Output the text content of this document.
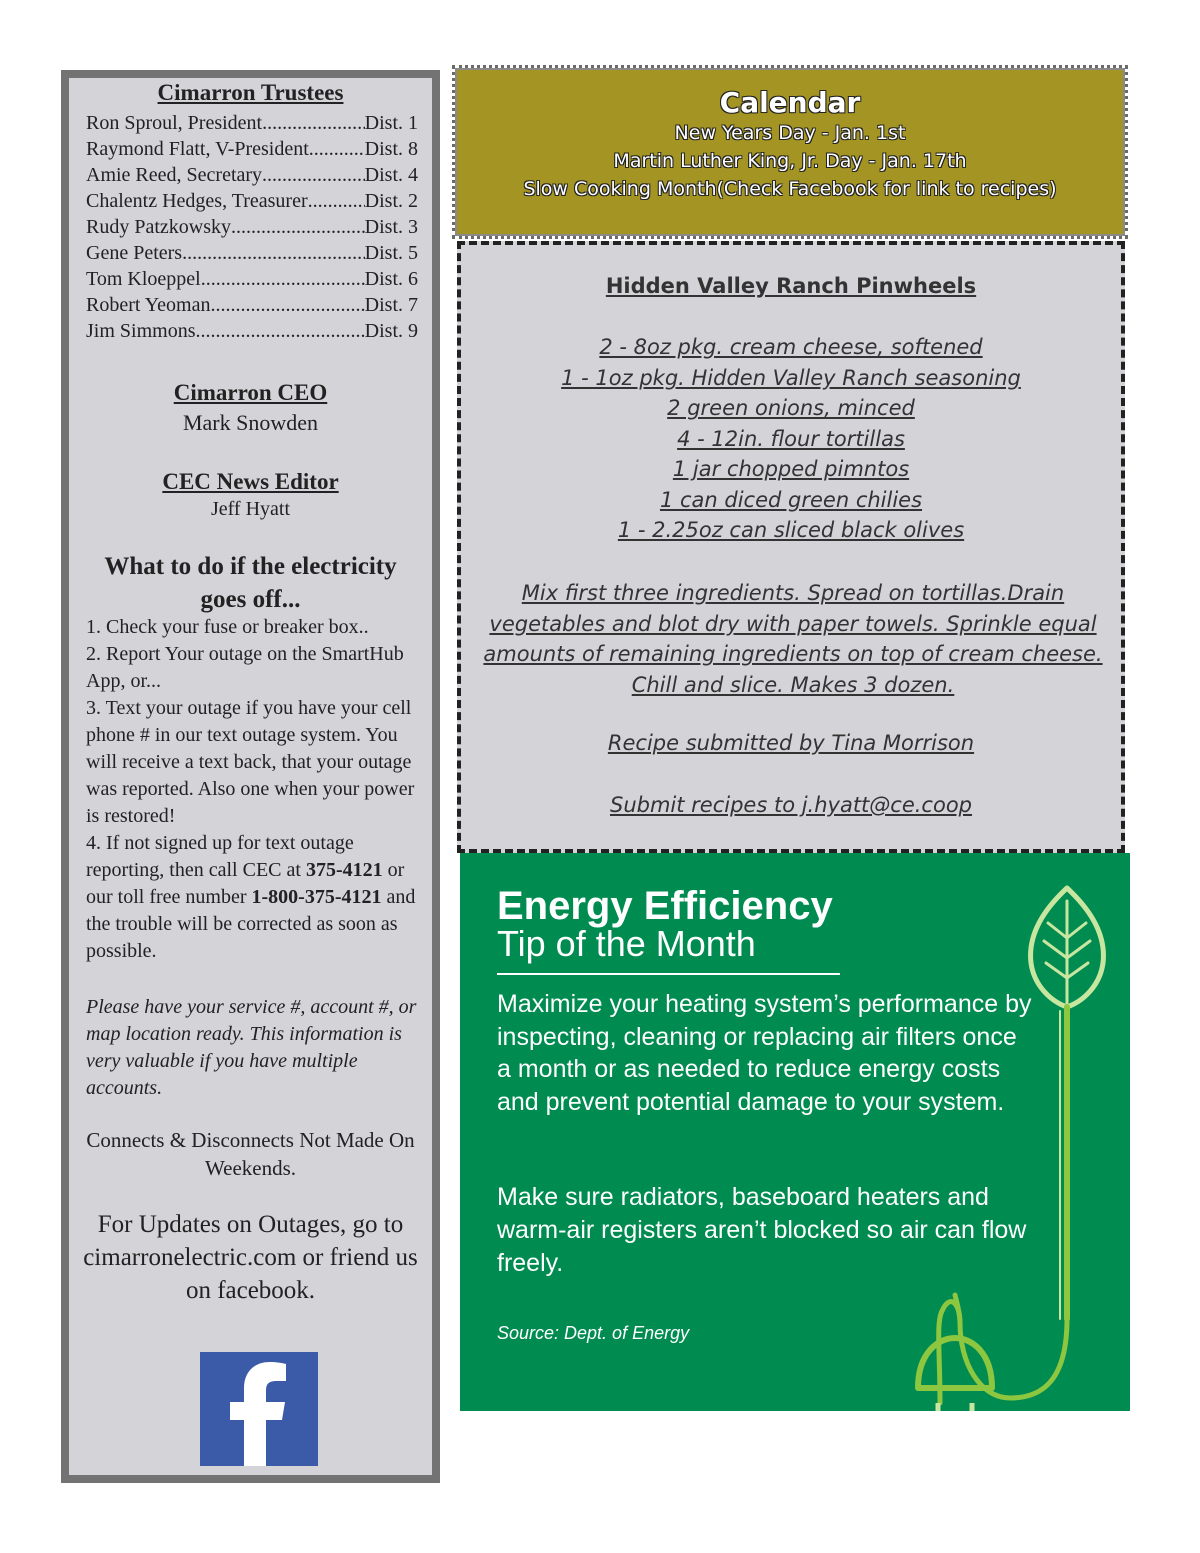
Cimarron Trustees
Ron Sproul, President .....	Dist. 1
Raymond Flatt, V-President .....	Dist. 8
Amie Reed, Secretary .....	Dist. 4
Chalentz Hedges, Treasurer .....	Dist. 2
Rudy Patzkowsky .....	Dist. 3
Gene Peters .....	Dist. 5
Tom Kloeppel .....	Dist. 6
Robert Yeoman .....	Dist. 7
Jim Simmons .....	Dist. 9
Cimarron CEO
Mark Snowden
CEC News Editor
Jeff Hyatt
What to do if the electricity goes off...

1. Check your fuse or breaker box..

2. Report Your outage on the SmartHub App, or...

3. Text your outage if you have your cell phone # in our text outage system. You will receive a text back, that your outage was reported. Also one when your power is restored!

4. If not signed up for text outage reporting, then call CEC at 375-4121 or our toll free number 1-800-375-4121 and the trouble will be corrected as soon as possible.

Please have your service #, account #, or map location ready. This information is very valuable if you have multiple accounts.
Connects & Disconnects Not Made On Weekends.
For Updates on Outages, go to cimarronelectric.com or friend us on facebook.
Calendar
New Years Day - Jan. 1st
Martin Luther King, Jr. Day - Jan. 17th
Slow Cooking Month(Check Facebook for link to recipes)
Hidden Valley Ranch Pinwheels
2 - 8oz pkg. cream cheese, softened
1 - 1oz pkg. Hidden Valley Ranch seasoning
2 green onions, minced
4 - 12in. flour tortillas
1 jar chopped pimntos
1 can diced green chilies
1 - 2.25oz can sliced black olives
Mix first three ingredients. Spread on tortillas.Drain vegetables and blot dry with paper towels. Sprinkle equal amounts of remaining ingredients on top of cream cheese. Chill and slice. Makes 3 dozen.
Recipe submitted by Tina Morrison
Submit recipes to j.hyatt@ce.coop
Energy Efficiency
Tip of the Month
Maximize your heating system’s performance by inspecting, cleaning or replacing air filters once a month or as needed to reduce energy costs and prevent potential damage to your system.
Make sure radiators, baseboard heaters and warm-air registers aren’t blocked so air can flow freely.
Source: Dept. of Energy
